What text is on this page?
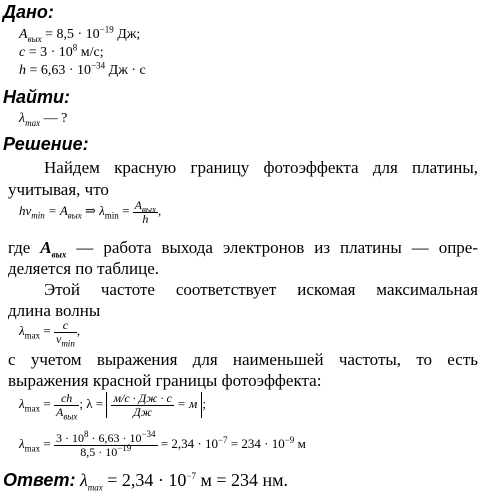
Дано:
$A_{вых} = 8,5 \cdot 10^{-19}$ Дж;
$c = 3 \cdot 10^8$ м/с;
$h = 6,63 \cdot 10^{-34}$ Дж · с
Найти:
$\lambda_{max}$ — ?
Решение:
Найдем красную границу фотоэффекта для платины,
учитывая, что
$h\nu_{min} = A_{вых}$ ⇒ $\lambda_{min} = \frac{A_{вых}}{h}$ ,
где $A_{вых}$ — работа выхода электронов из платины — опре-
деляется по таблице.
Этой частоте соответствует искомая максимальная
длина волны
$\lambda_{max} = \frac{c}{\nu_{min}}$ ,
с учетом выражения для наименьшей частоты, то есть
выражения красной границы фотоэффекта:
$\lambda_{max} = \frac{ch}{A_{вых}}$ ; $\lambda = \frac{м/с \cdot Дж \cdot с}{Дж} = м$ ;
$\lambda_{max} = \frac{3 \cdot 10^8 \cdot 6,63 \cdot 10^{-34}}{8,5 \cdot 10^{-19}} = 2,34 \cdot 10^{-7} = 234 \cdot 10^{-9}$ м
Ответ: $\lambda_{max} = 2,34 \cdot 10^{-7}$ м = 234 нм.
